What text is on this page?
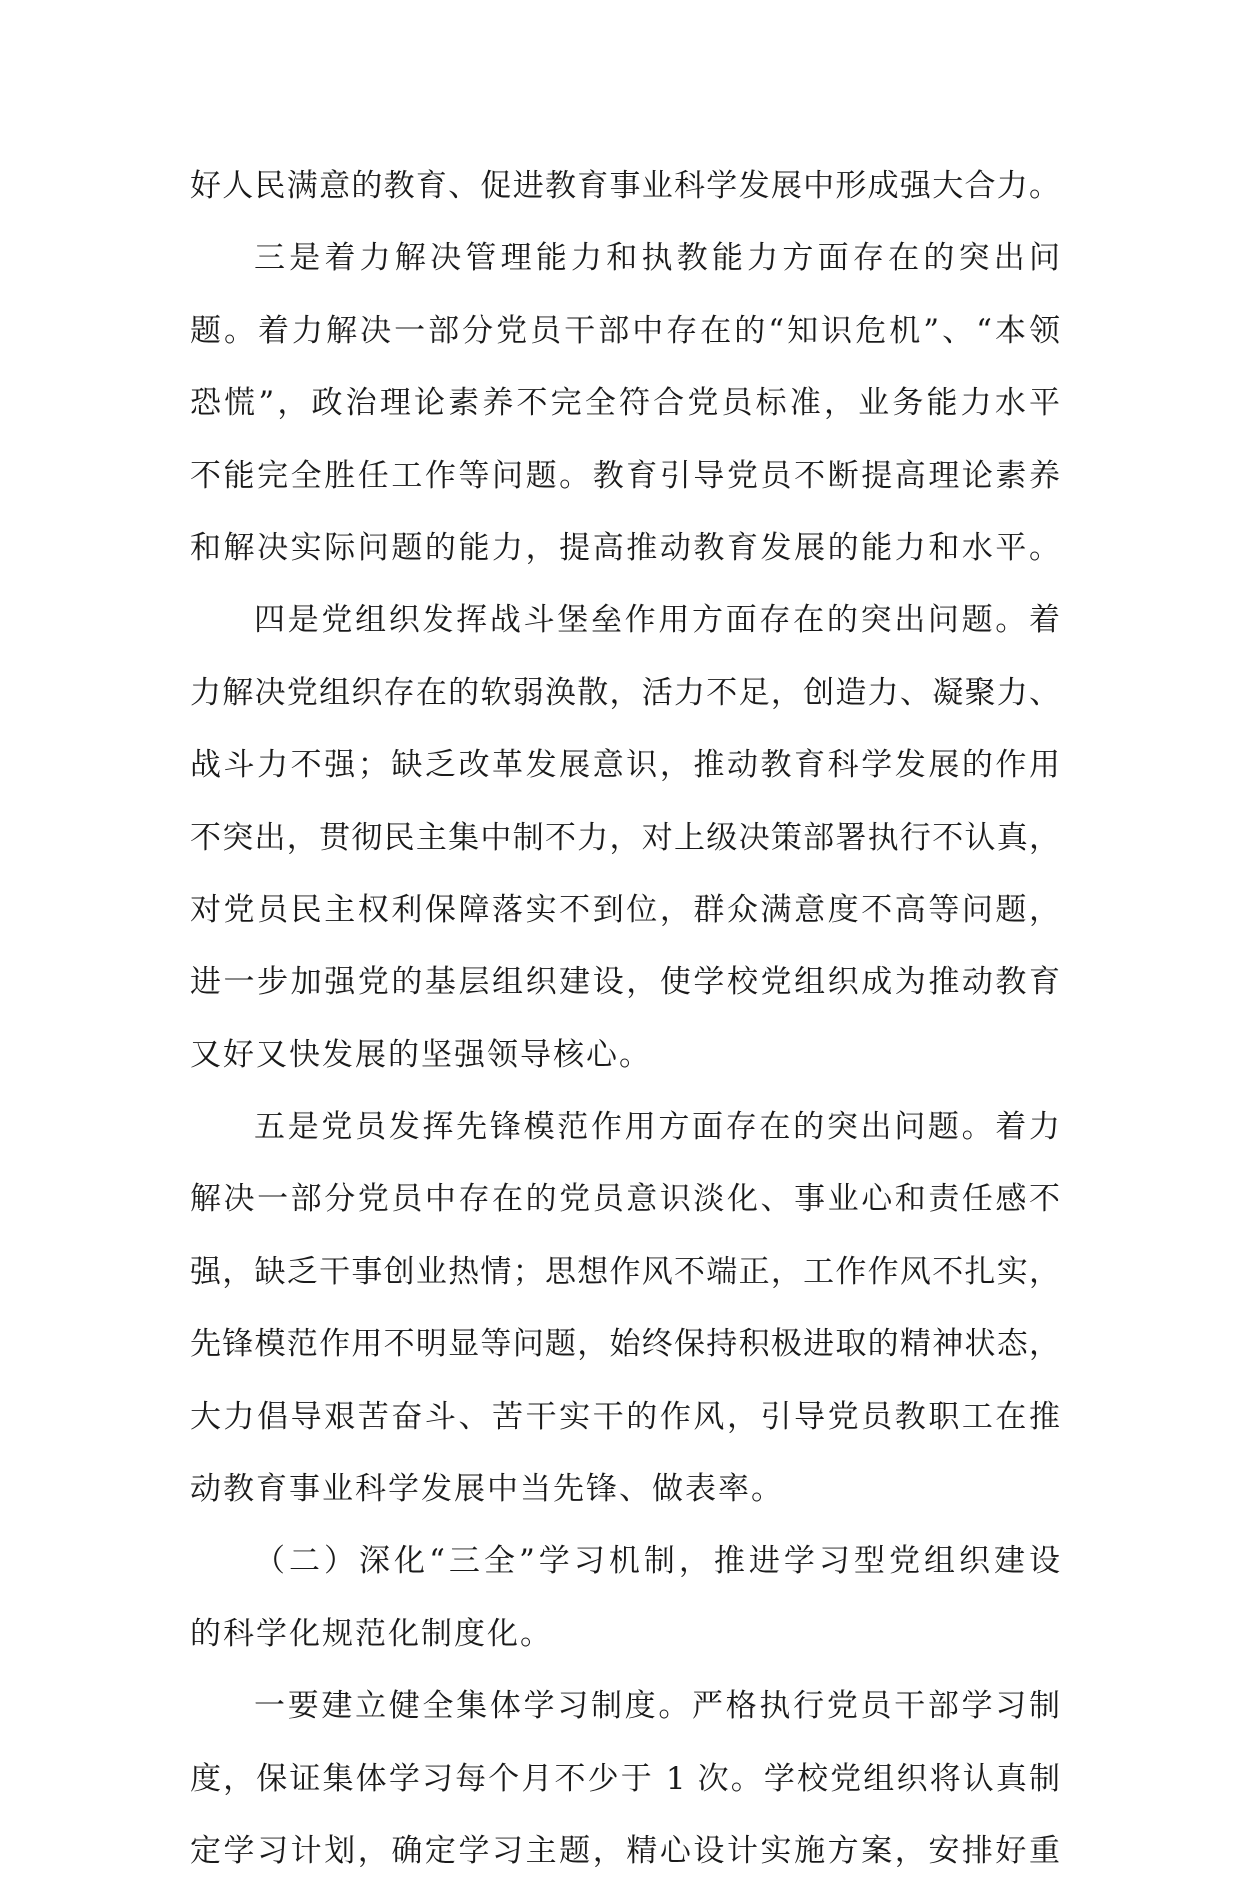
好人民满意的教育、促进教育事业科学发展中形成强大合力。
三是着力解决管理能力和执教能力方面存在的突出问
题。着力解决一部分党员干部中存在的“知识危机”、“本领
恐慌”，政治理论素养不完全符合党员标准，业务能力水平
不能完全胜任工作等问题。教育引导党员不断提高理论素养
和解决实际问题的能力，提高推动教育发展的能力和水平。
四是党组织发挥战斗堡垒作用方面存在的突出问题。着
力解决党组织存在的软弱涣散，活力不足，创造力、凝聚力、
战斗力不强；缺乏改革发展意识，推动教育科学发展的作用
不突出，贯彻民主集中制不力，对上级决策部署执行不认真，
对党员民主权利保障落实不到位，群众满意度不高等问题，
进一步加强党的基层组织建设，使学校党组织成为推动教育
又好又快发展的坚强领导核心。
五是党员发挥先锋模范作用方面存在的突出问题。着力
解决一部分党员中存在的党员意识淡化、事业心和责任感不
强，缺乏干事创业热情；思想作风不端正，工作作风不扎实，
先锋模范作用不明显等问题，始终保持积极进取的精神状态，
大力倡导艰苦奋斗、苦干实干的作风，引导党员教职工在推
动教育事业科学发展中当先锋、做表率。
（二）深化“三全”学习机制，推进学习型党组织建设
的科学化规范化制度化。
一要建立健全集体学习制度。严格执行党员干部学习制
度，保证集体学习每个月不少于 1 次。学校党组织将认真制
定学习计划，确定学习主题，精心设计实施方案，安排好重
